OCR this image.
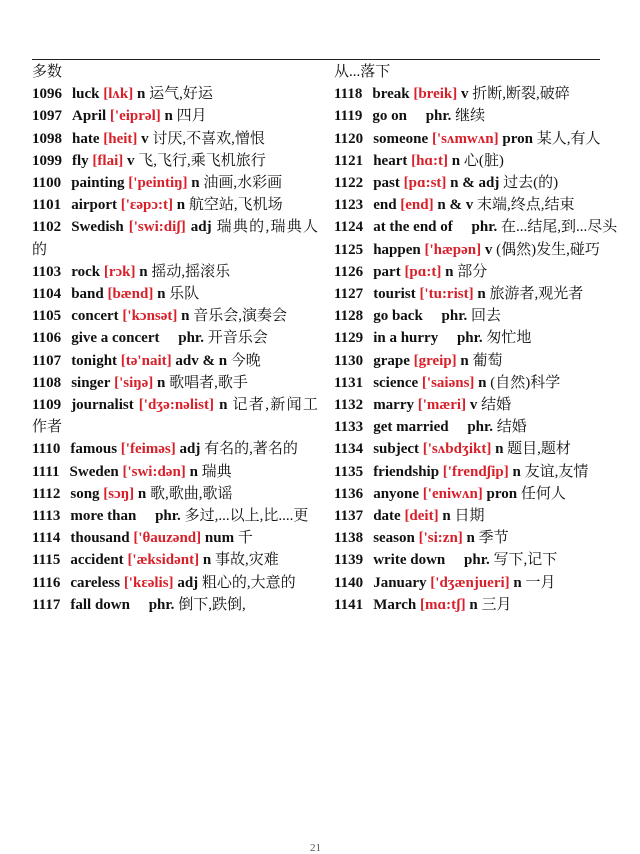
多数
1096 luck [lʌk] n 运气,好运
1097 April ['eiprəl] n 四月
1098 hate [heit] v 讨厌,不喜欢,憎恨
1099 fly [flai] v 飞,飞行,乘飞机旅行
1100 painting ['peintiŋ] n 油画,水彩画
1101 airport ['ɛəpɔ:t] n 航空站,飞机场
1102 Swedish ['swi:diʃ] adj 瑞典的,瑞典人的
1103 rock [rɔk] n 摇动,摇滚乐
1104 band [bænd] n 乐队
1105 concert ['kɔnsət] n 音乐会,演奏会
1106 give a concert   phr. 开音乐会
1107 tonight [tə'nait] adv & n 今晚
1108 singer ['siŋə] n 歌唱者,歌手
1109 journalist ['dʒə:nəlist] n 记者,新闻工作者
1110 famous ['feiməs] adj 有名的,著名的
1111 Sweden ['swi:dən] n 瑞典
1112 song [sɔŋ] n 歌,歌曲,歌谣
1113 more than   phr. 多过,...以上,比....更
1114 thousand ['θauzənd] num 千
1115 accident ['æksidənt] n 事故,灾难
1116 careless ['kɛəlis] adj 粗心的,大意的
1117 fall down   phr. 倒下,跌倒,
从...落下
1118 break [breik] v 折断,断裂,破碎
1119 go on   phr. 继续
1120 someone ['sʌmwʌn] pron 某人,有人
1121 heart [hɑ:t] n 心(脏)
1122 past [pɑ:st] n & adj 过去(的)
1123 end [end] n & v 末端,终点,结束
1124 at the end of   phr. 在...结尾,到...尽头
1125 happen ['hæpən] v (偶然)发生,碰巧
1126 part [pɑ:t] n 部分
1127 tourist ['tu:rist] n 旅游者,观光者
1128 go back   phr. 回去
1129 in a hurry   phr. 匆忙地
1130 grape [greip] n 葡萄
1131 science ['saiəns] n (自然)科学
1132 marry ['mæri] v 结婚
1133 get married   phr. 结婚
1134 subject ['sʌbdʒikt] n 题目,题材
1135 friendship ['frendʃip] n 友谊,友情
1136 anyone ['eniwʌn] pron 任何人
1137 date [deit] n 日期
1138 season ['si:zn] n 季节
1139 write down   phr. 写下,记下
1140 January ['dʒænjueri] n 一月
1141 March [mɑ:tʃ] n 三月
21
